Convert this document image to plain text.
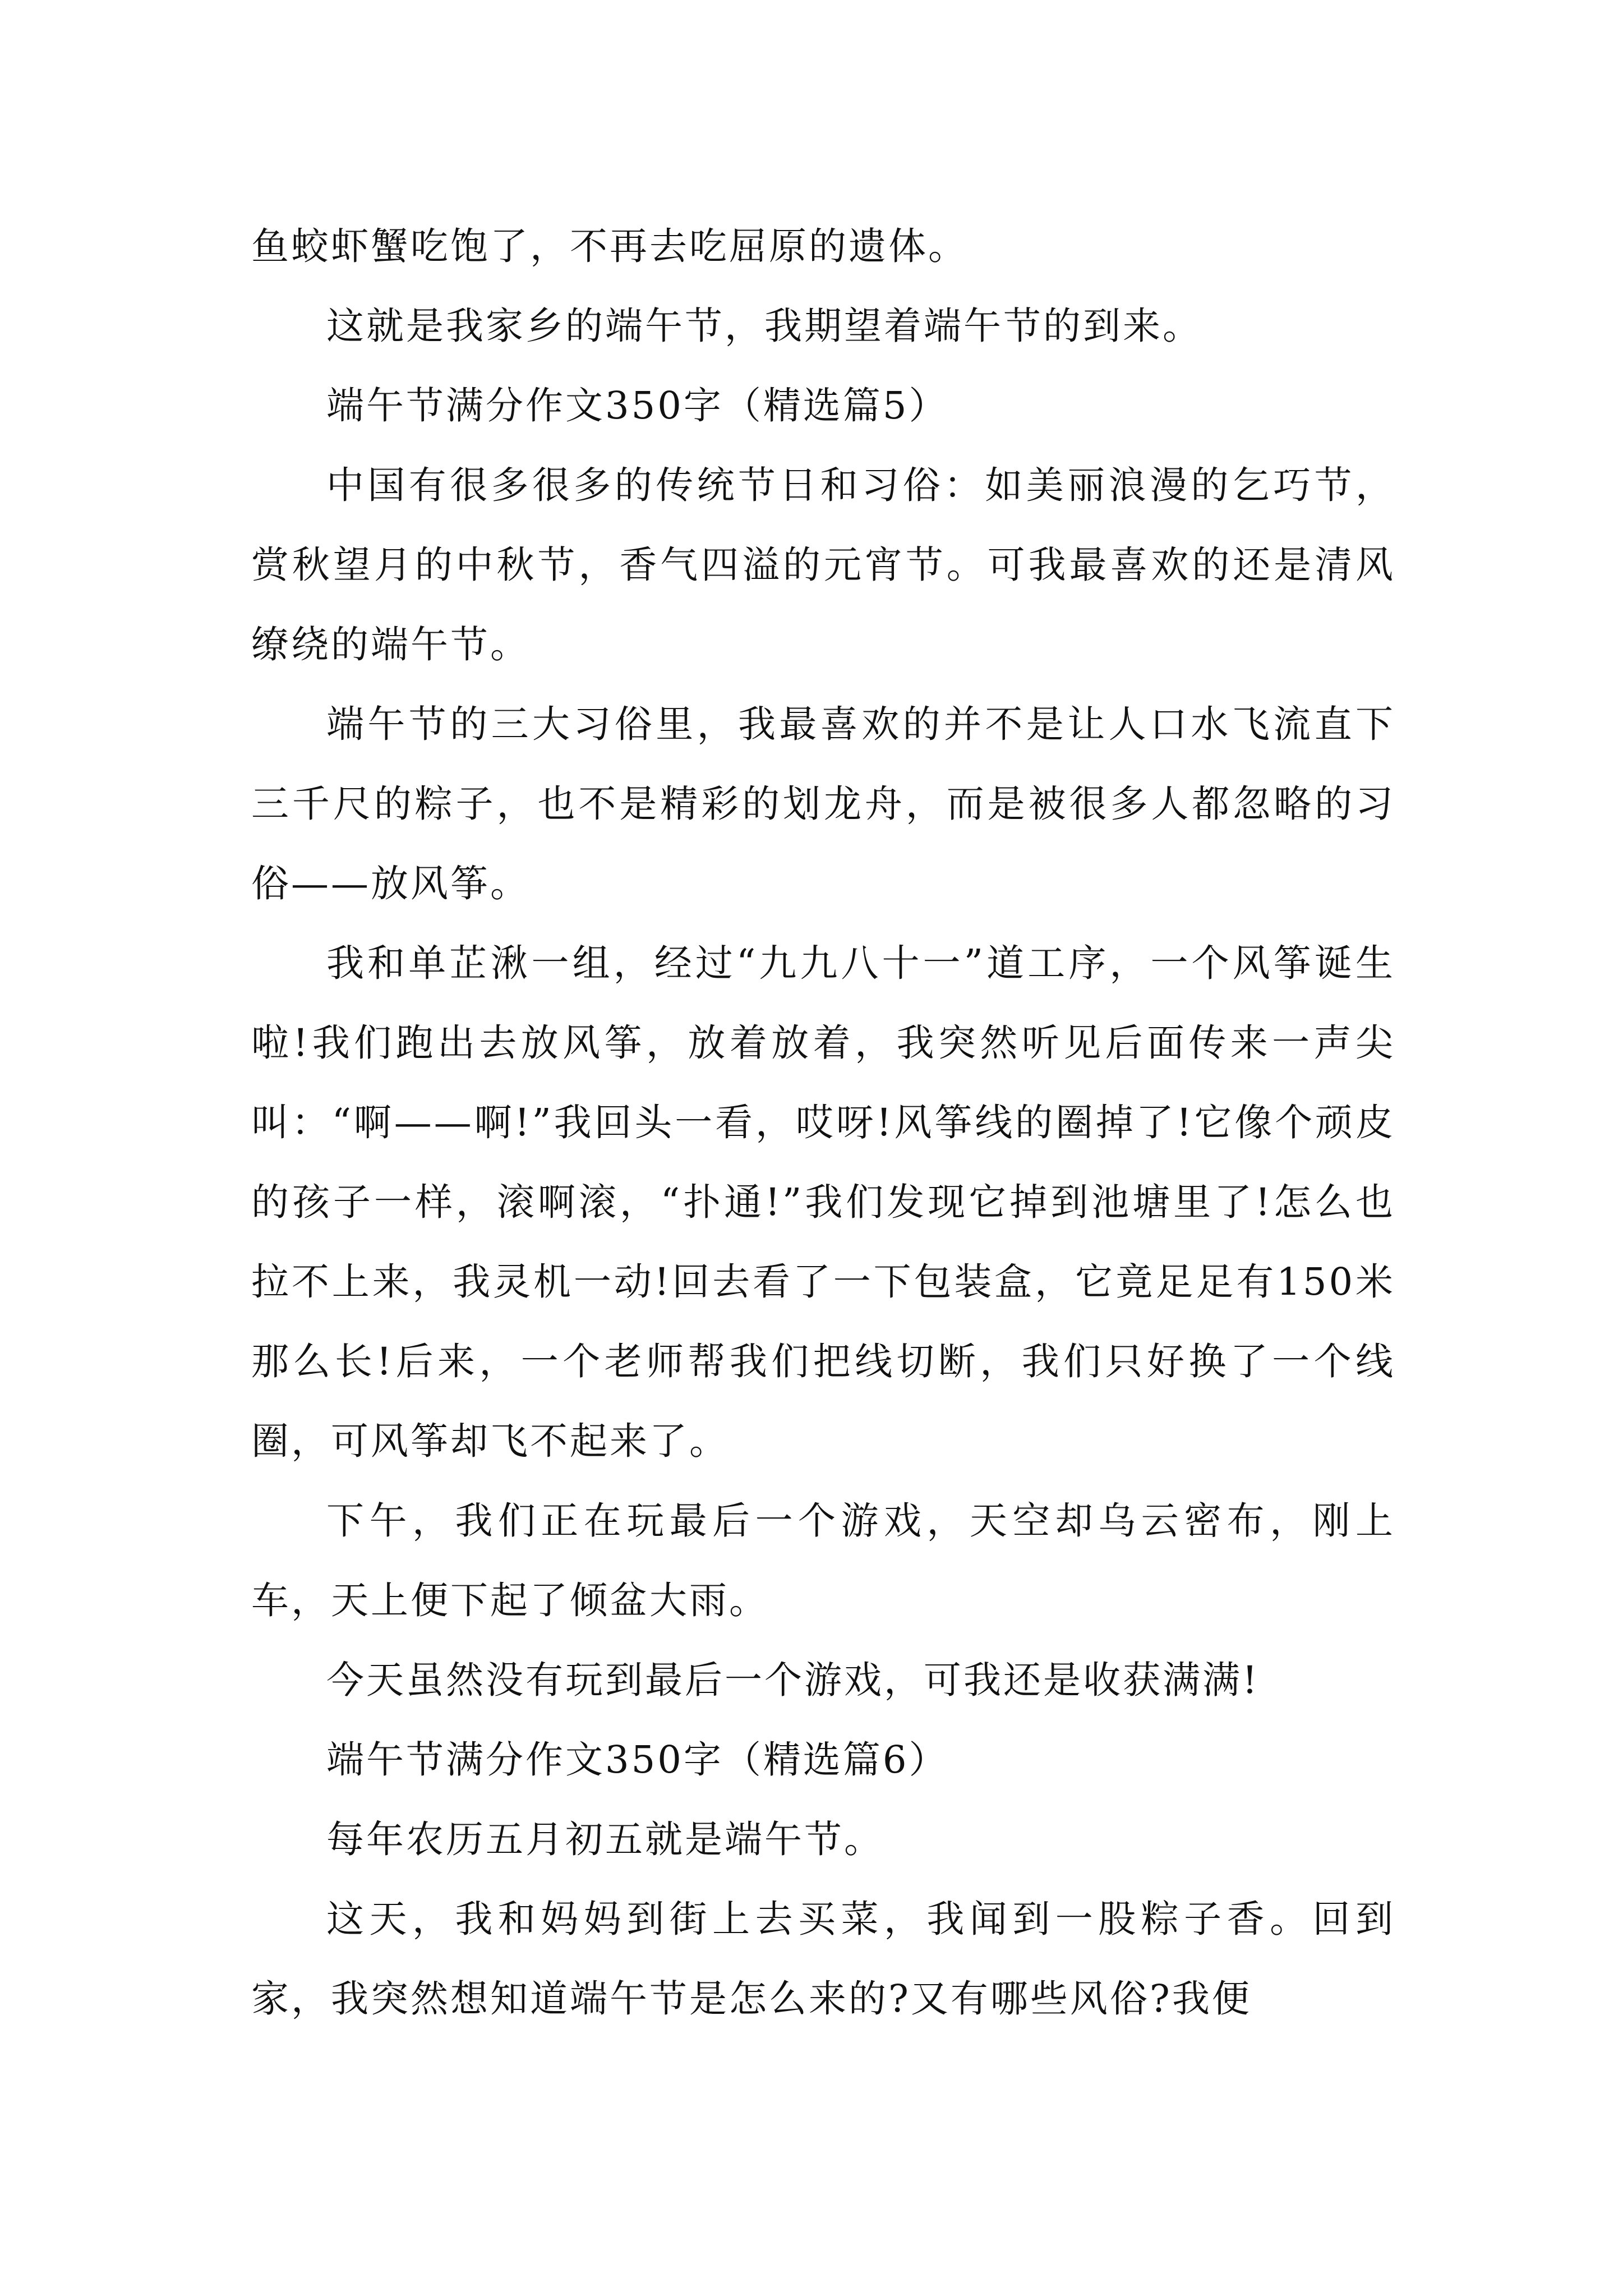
鱼蛟虾蟹吃饱了，不再去吃屈原的遗体。

这就是我家乡的端午节，我期望着端午节的到来。

端午节满分作文350字（精选篇5）

中国有很多很多的传统节日和习俗：如美丽浪漫的乞巧节，赏秋望月的中秋节，香气四溢的元宵节。可我最喜欢的还是清风缭绕的端午节。

端午节的三大习俗里，我最喜欢的并不是让人口水飞流直下三千尺的粽子，也不是精彩的划龙舟，而是被很多人都忽略的习俗——放风筝。

我和单芷湫一组，经过“九九八十一”道工序，一个风筝诞生啦!我们跑出去放风筝，放着放着，我突然听见后面传来一声尖叫：“啊——啊!”我回头一看，哎呀!风筝线的圈掉了!它像个顽皮的孩子一样，滚啊滚，“扑通!”我们发现它掉到池塘里了!怎么也拉不上来，我灵机一动!回去看了一下包装盒，它竟足足有150米那么长!后来，一个老师帮我们把线切断，我们只好换了一个线圈，可风筝却飞不起来了。

下午，我们正在玩最后一个游戏，天空却乌云密布，刚上车，天上便下起了倾盆大雨。

今天虽然没有玩到最后一个游戏，可我还是收获满满!

端午节满分作文350字（精选篇6）

每年农历五月初五就是端午节。

这天，我和妈妈到街上去买菜，我闻到一股粽子香。回到家，我突然想知道端午节是怎么来的?又有哪些风俗?我便
